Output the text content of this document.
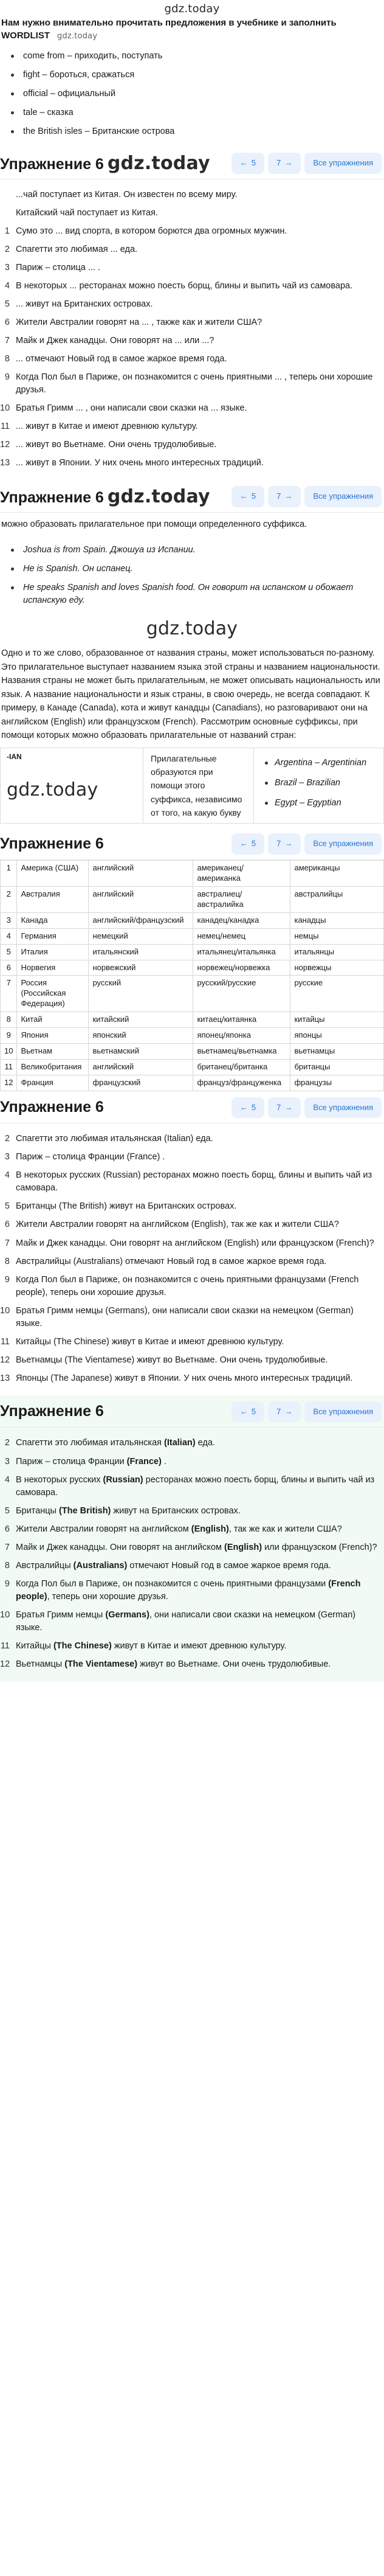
gdz.today
Нам нужно внимательно прочитать предложения в учебнике и заполнить
WORDLIST gdz.today
come from – приходить, поступать
fight – бороться, сражаться
official – официальный
tale – сказка
the British isles – Британские острова
Упражнение 6 gdz.today	← 5	7 →	Все упражнения
...чай поступает из Китая. Он известен по всему миру.
Китайский чай поступает из Китая.
1 Сумо это ... вид спорта, в котором борются два огромных мужчин.
2 Спагетти это любимая ... еда.
3 Париж – столица ... .
4 В некоторых ... ресторанах можно поесть борщ, блины и выпить чай из самовара.
5 ... живут на Британских островах.
6 Жители Австралии говорят на ... , также как и жители США?
7 Майк и Джек канадцы. Они говорят на ... или ...?
8 ... отмечают Новый год в самое жаркое время года.
9 Когда Пол был в Париже, он познакомится с очень приятными ... , теперь они хорошие друзья.
10 Братья Гримм ... , они написали свои сказки на ... языке.
11 ... живут в Китае и имеют древнюю культуру.
12 ... живут во Вьетнаме. Они очень трудолюбивые.
13 ... живут в Японии. У них очень много интересных традиций.
Упражнение 6 gdz.today	← 5	7 →	Все упражнения

можно образовать прилагательное при помощи определенного суффикса.

Joshua is from Spain. Джошуа из Испании.
He is Spanish. Он испанец.
He speaks Spanish and loves Spanish food. Он говорит на испанском и обожает испанскую еду.
gdz.today

Одно и то же слово, образованное от названия страны, может использоваться по-разному. Это прилагательное выступает названием языка этой страны и названием национальности. Названия страны не может быть прилагательным, не может описывать национальность или язык. А название национальности и язык страны, в свою очередь, не всегда совпадают. К примеру, в Канаде (Canada), кота и живут канадцы (Canadians), но разговаривают они на английском (English) или французском (French). Рассмотрим основные суффиксы, при помощи которых можно образовать прилагательные от названий стран:

-IAN
gdz.today
Прилагательные образуются при помощи этого суффикса, независимо от того, на какую букву
Argentina – Argentinian
Brazil – Brazilian
Egypt – Egyptian
Упражнение 6	← 5	7 →	Все упражнения
1	Америка (США)	английский	американец/американка	американцы
2	Австралия	английский	австралиец/австралийка	австралийцы
3	Канада	английский/французский	канадец/канадка	канадцы
4	Германия	немецкий	немец/немец	немцы
5	Италия	итальянский	итальянец/итальянка	итальянцы
6	Норвегия	норвежский	норвежец/норвежка	норвежцы
7	Россия (Российская Федерация)	русский	русский/русские	русские
8	Китай	китайский	китаец/китаянка	китайцы
9	Япония	японский	японец/японка	японцы
10	Вьетнам	вьетнамский	вьетнамец/вьетнамка	вьетнамцы
11	Великобритания	английский	британец/британка	британцы
12	Франция	французский	француз/француженка	французы
Упражнение 6	← 5	7 →	Все упражнения
2 Спагетти это любимая итальянская (Italian) еда.
3 Париж – столица Франции (France) .
4 В некоторых русских (Russian) ресторанах можно поесть борщ, блины и выпить чай из самовара.
5 Британцы (The British) живут на Британских островах.
6 Жители Австралии говорят на английском (English), так же как и жители США?
7 Майк и Джек канадцы. Они говорят на английском (English) или французском (French)?
8 Австралийцы (Australians) отмечают Новый год в самое жаркое время года.
9 Когда Пол был в Париже, он познакомится с очень приятными французами (French people), теперь они хорошие друзья.
10 Братья Гримм немцы (Germans), они написали свои сказки на немецком (German) языке.
11 Китайцы (The Chinese) живут в Китае и имеют древнюю культуру.
12 Вьетнамцы (The Vientamese) живут во Вьетнаме. Они очень трудолюбивые.
13 Японцы (The Japanese) живут в Японии. У них очень много интересных традиций.
Упражнение 6	← 5	7 →	Все упражнения
2 Спагетти это любимая итальянская (Italian) еда.
3 Париж – столица Франции (France) .
4 В некоторых русских (Russian) ресторанах можно поесть борщ, блины и выпить чай из самовара.
5 Британцы (The British) живут на Британских островах.
6 Жители Австралии говорят на английском (English), так же как и жители США?
7 Майк и Джек канадцы. Они говорят на английском (English) или французском (French)?
8 Австралийцы (Australians) отмечают Новый год в самое жаркое время года.
9 Когда Пол был в Париже, он познакомится с очень приятными французами (French people), теперь они хорошие друзья.
10 Братья Гримм немцы (Germans), они написали свои сказки на немецком (German) языке.
11 Китайцы (The Chinese) живут в Китае и имеют древнюю культуру.
12 Вьетнамцы (The Vientamese) живут во Вьетнаме. Они очень трудолюбивые.
